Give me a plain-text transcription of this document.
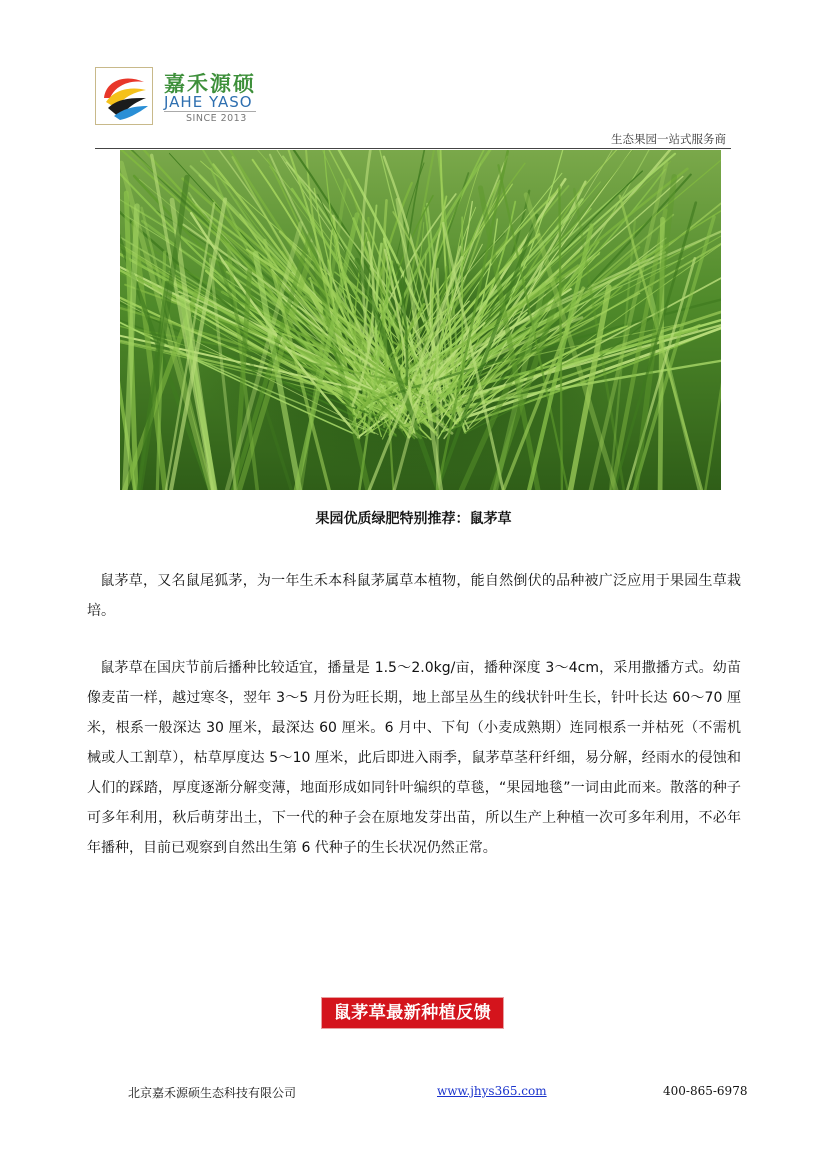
嘉禾源硕
JAHE YASO
SINCE 2013
生态果园一站式服务商
果园优质绿肥特别推荐：鼠茅草

鼠茅草，又名鼠尾狐茅，为一年生禾本科鼠茅属草本植物，能自然倒伏的品种被广泛应用于果园生草栽培。

鼠茅草在国庆节前后播种比较适宜，播量是 1.5～2.0kg/亩，播种深度 3～4cm，采用撒播方式。幼苗像麦苗一样，越过寒冬，翌年 3～5 月份为旺长期，地上部呈丛生的线状针叶生长，针叶长达 60～70 厘米，根系一般深达 30 厘米，最深达 60 厘米。6 月中、下旬（小麦成熟期）连同根系一并枯死（不需机械或人工割草），枯草厚度达 5～10 厘米，此后即进入雨季，鼠茅草茎秆纤细，易分解，经雨水的侵蚀和人们的踩踏，厚度逐渐分解变薄，地面形成如同针叶编织的草毯，“果园地毯”一词由此而来。散落的种子可多年利用，秋后萌芽出土，下一代的种子会在原地发芽出苗，所以生产上种植一次可多年利用，不必年年播种，目前已观察到自然出生第 6 代种子的生长状况仍然正常。

鼠茅草最新种植反馈
北京嘉禾源硕生态科技有限公司	www.jhys365.com	400-865-6978
